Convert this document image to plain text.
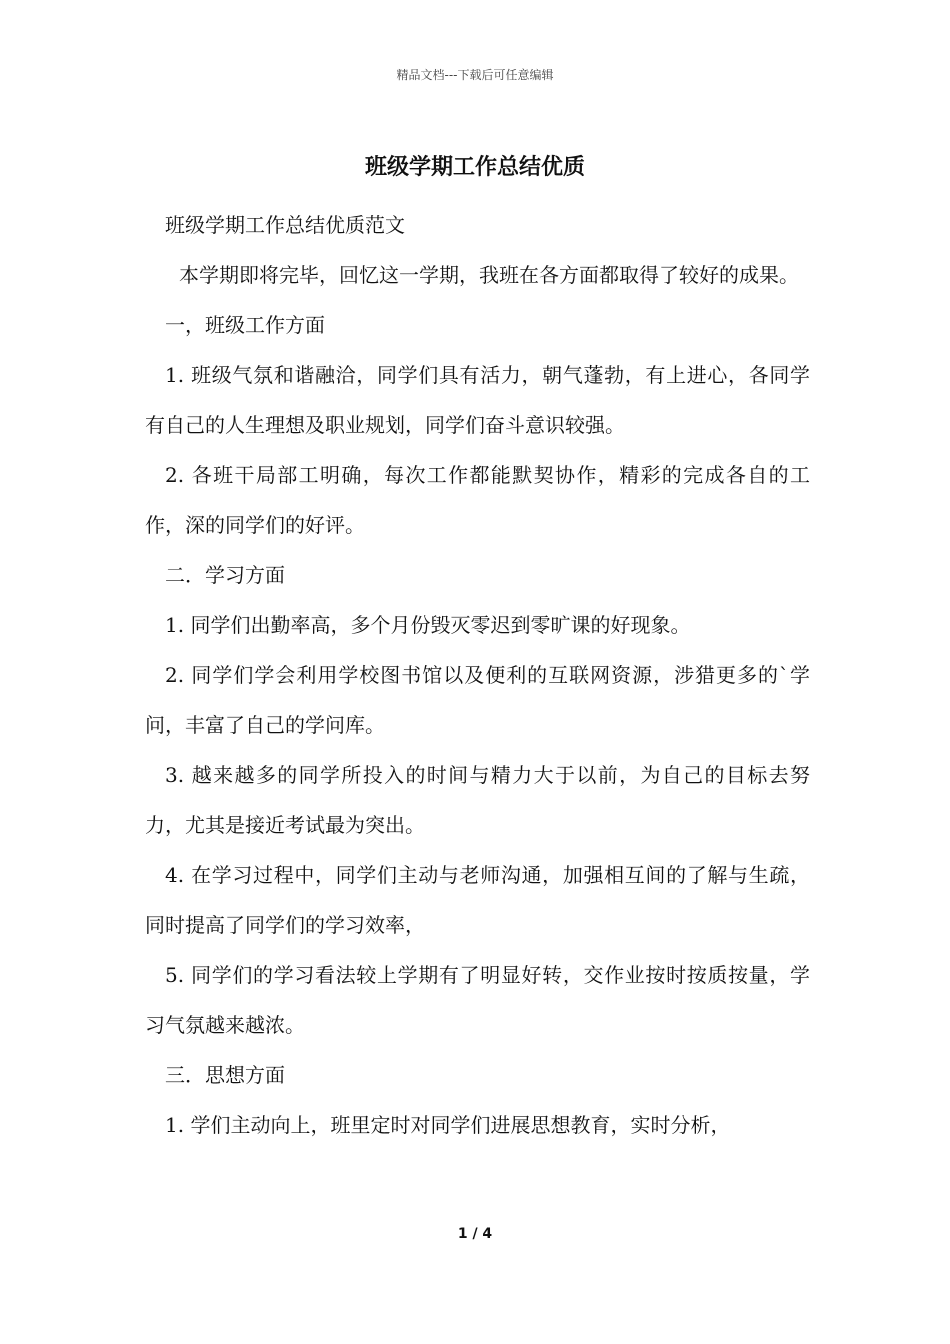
精品文档---下载后可任意编辑
班级学期工作总结优质

班级学期工作总结优质范文

本学期即将完毕，回忆这一学期，我班在各方面都取得了较好的成果。

一，班级工作方面

1. 班级气氛和谐融洽，同学们具有活力，朝气蓬勃，有上进心，各同学有自己的人生理想及职业规划，同学们奋斗意识较强。

2. 各班干局部工明确，每次工作都能默契协作，精彩的完成各自的工作，深的同学们的好评。

二．学习方面

1. 同学们出勤率高，多个月份毁灭零迟到零旷课的好现象。

2. 同学们学会利用学校图书馆以及便利的互联网资源，涉猎更多的`学问，丰富了自己的学问库。

3. 越来越多的同学所投入的时间与精力大于以前，为自己的目标去努力，尤其是接近考试最为突出。

4. 在学习过程中，同学们主动与老师沟通，加强相互间的了解与生疏，同时提高了同学们的学习效率，

5. 同学们的学习看法较上学期有了明显好转，交作业按时按质按量，学习气氛越来越浓。

三．思想方面

1. 学们主动向上，班里定时对同学们进展思想教育，实时分析，

1 / 4
